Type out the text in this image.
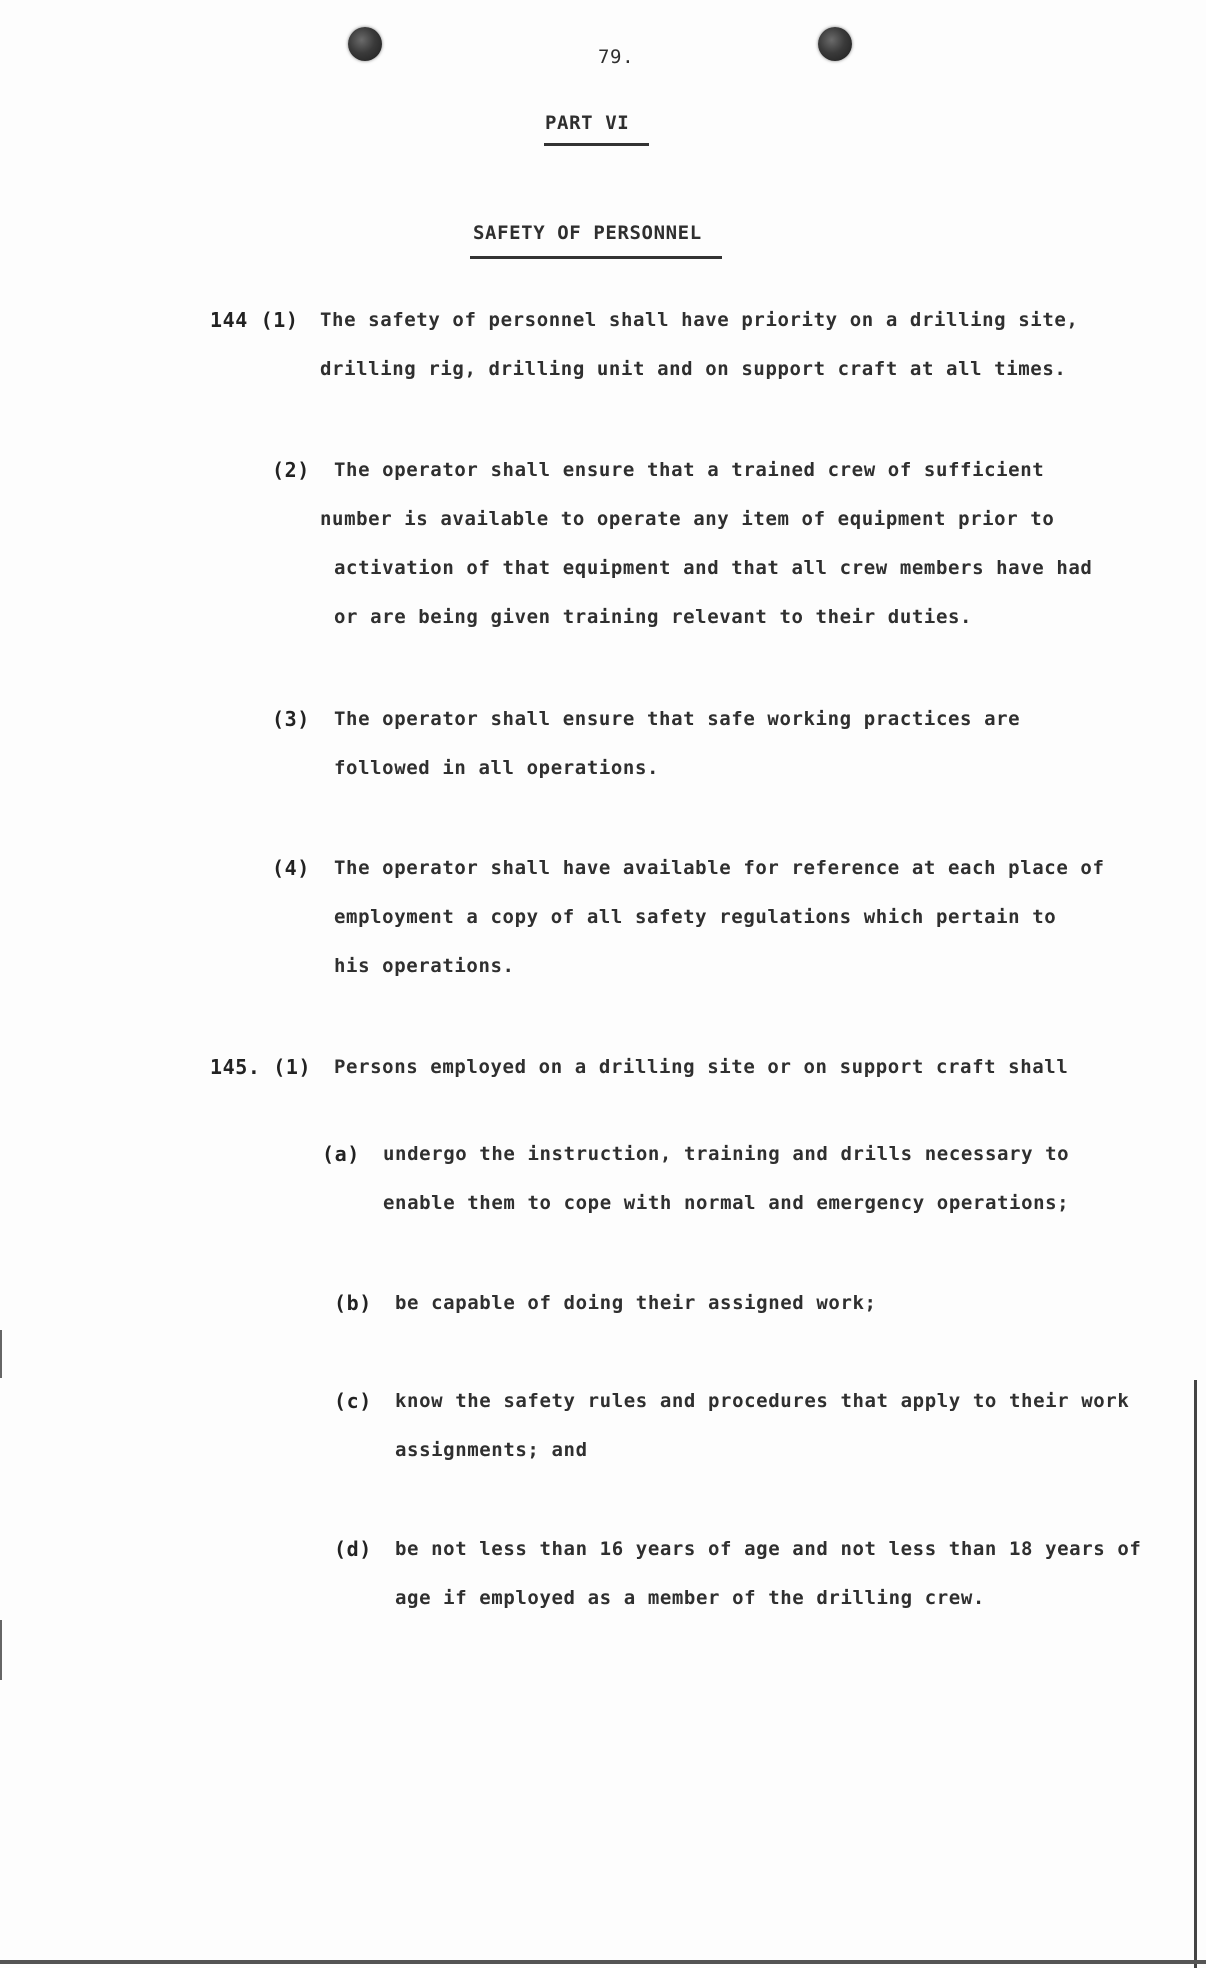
79.
PART VI
SAFETY OF PERSONNEL
144 (1) The safety of personnel shall have priority on a drilling site,
drilling rig, drilling unit and on support craft at all times.
(2) The operator shall ensure that a trained crew of sufficient
number is available to operate any item of equipment prior to
activation of that equipment and that all crew members have had
or are being given training relevant to their duties.
(3) The operator shall ensure that safe working practices are
followed in all operations.
(4) The operator shall have available for reference at each place of
employment a copy of all safety regulations which pertain to
his operations.
145. (1) Persons employed on a drilling site or on support craft shall
(a) undergo the instruction, training and drills necessary to
enable them to cope with normal and emergency operations;
(b) be capable of doing their assigned work;
(c) know the safety rules and procedures that apply to their work
assignments; and
(d) be not less than 16 years of age and not less than 18 years of
age if employed as a member of the drilling crew.
